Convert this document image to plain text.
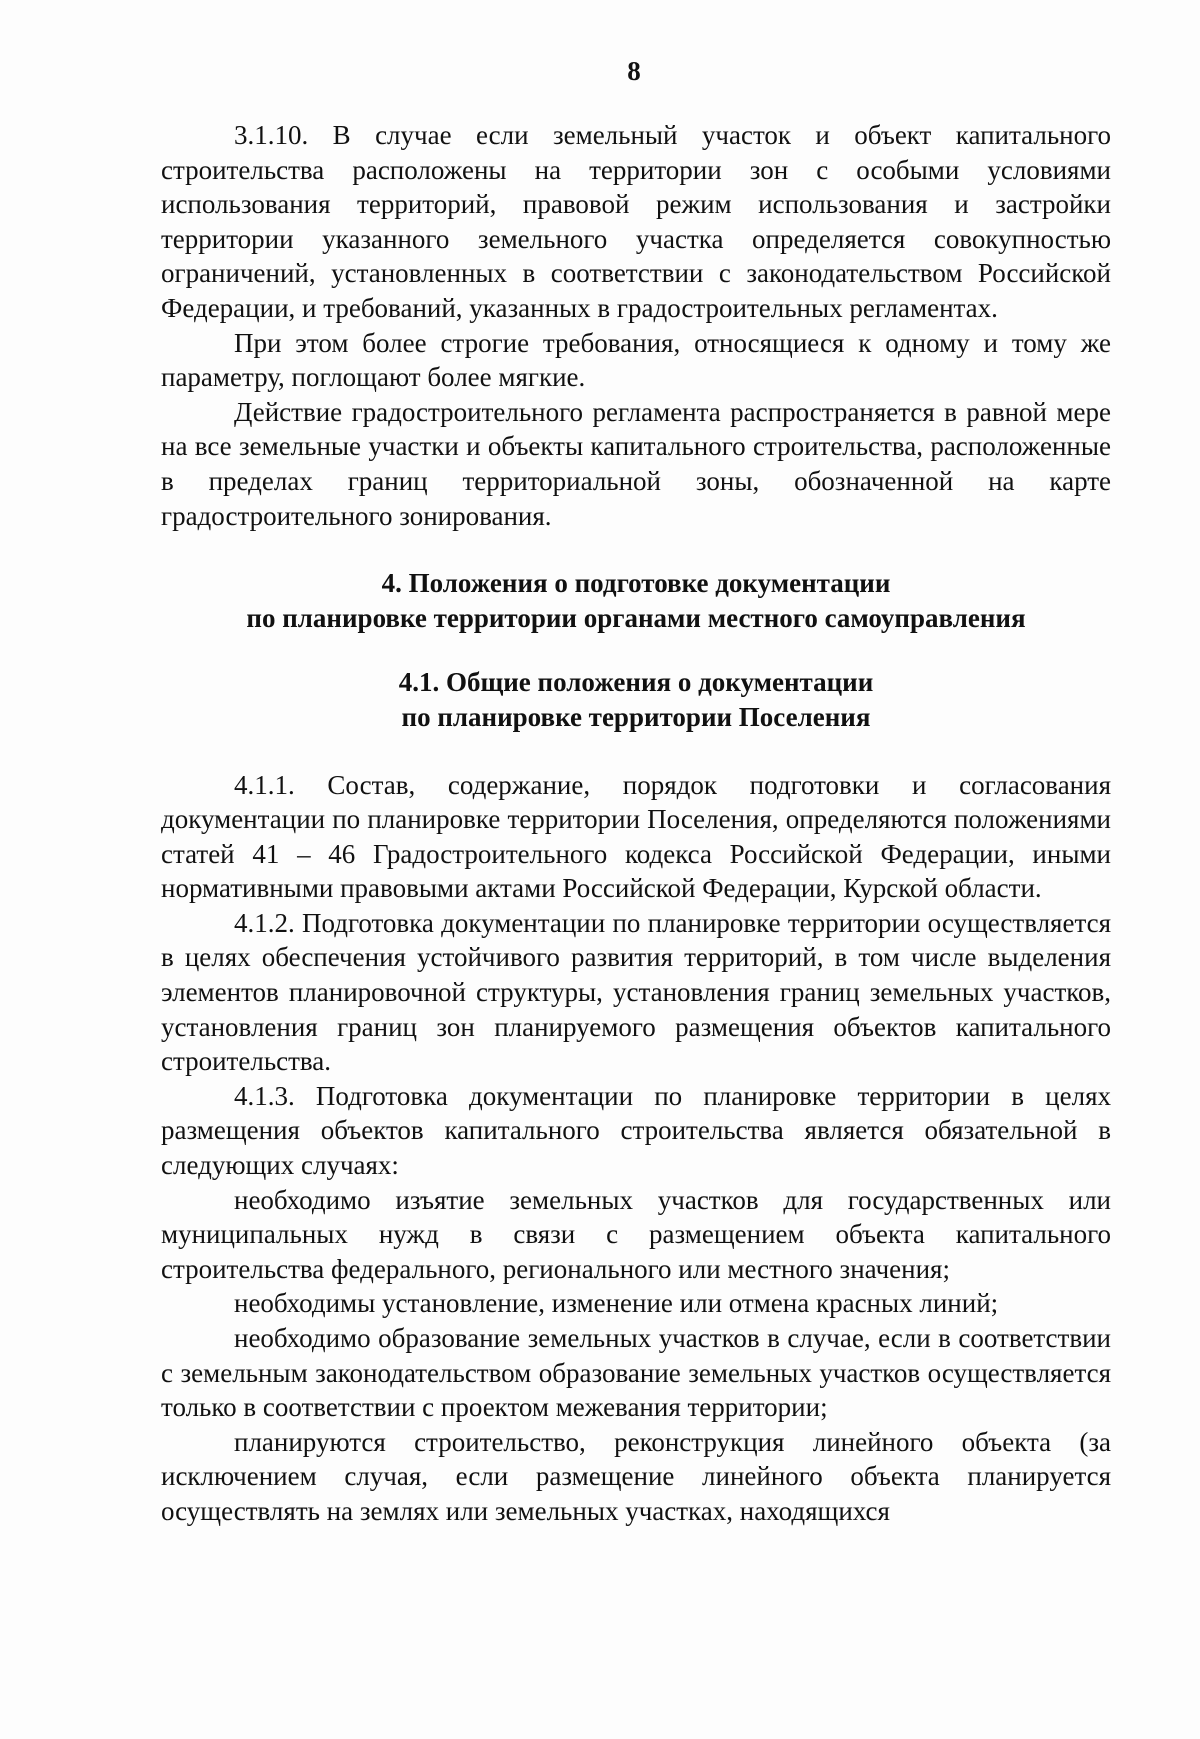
8

3.1.10. В случае если земельный участок и объект капитального строительства расположены на территории зон с особыми условиями использования территорий, правовой режим использования и застройки территории указанного земельного участка определяется совокупностью ограничений, установленных в соответствии с законодательством Российской Федерации, и требований, указанных в градостроительных регламентах.

При этом более строгие требования, относящиеся к одному и тому же параметру, поглощают более мягкие.

Действие градостроительного регламента распространяется в равной мере на все земельные участки и объекты капитального строительства, расположенные в пределах границ территориальной зоны, обозначенной на карте градостроительного зонирования.

4. Положения о подготовке документации
по планировке территории органами местного самоуправления
4.1. Общие положения о документации
по планировке территории Поселения

4.1.1. Состав, содержание, порядок подготовки и согласования документации по планировке территории Поселения, определяются положениями статей 41 – 46 Градостроительного кодекса Российской Федерации, иными нормативными правовыми актами Российской Федерации, Курской области.

4.1.2. Подготовка документации по планировке территории осуществляется в целях обеспечения устойчивого развития территорий, в том числе выделения элементов планировочной структуры, установления границ земельных участков, установления границ зон планируемого размещения объектов капитального строительства.

4.1.3. Подготовка документации по планировке территории в целях размещения объектов капитального строительства является обязательной в следующих случаях:

необходимо изъятие земельных участков для государственных или муниципальных нужд в связи с размещением объекта капитального строительства федерального, регионального или местного значения;

необходимы установление, изменение или отмена красных линий;

необходимо образование земельных участков в случае, если в соответствии с земельным законодательством образование земельных участков осуществляется только в соответствии с проектом межевания территории;

планируются строительство, реконструкция линейного объекта (за исключением случая, если размещение линейного объекта планируется осуществлять на землях или земельных участках, находящихся
